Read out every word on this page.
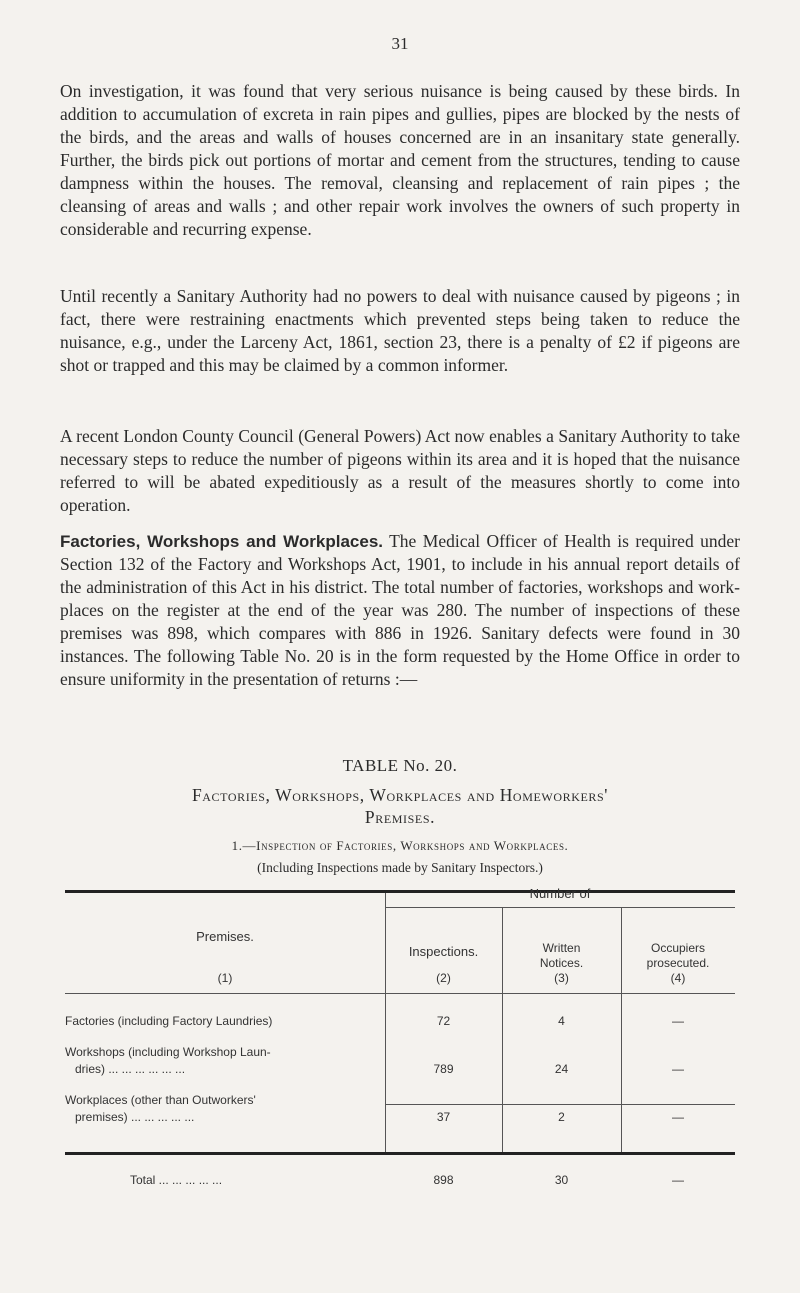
31

On investigation, it was found that very serious nuisance is being caused by these birds. In addition to accumulation of excreta in rain pipes and gullies, pipes are blocked by the nests of the birds, and the areas and walls of houses concerned are in an insanitary state generally. Further, the birds pick out portions of mortar and cement from the structures, tending to cause dampness within the houses. The removal, cleansing and replacement of rain pipes ; the cleansing of areas and walls ; and other repair work involves the owners of such property in considerable and recurring expense.

Until recently a Sanitary Authority had no powers to deal with nuisance caused by pigeons ; in fact, there were restraining enactments which prevented steps being taken to reduce the nuisance, e.g., under the Larceny Act, 1861, section 23, there is a penalty of £2 if pigeons are shot or trapped and this may be claimed by a common informer.

A recent London County Council (General Powers) Act now enables a Sanitary Authority to take necessary steps to reduce the number of pigeons within its area and it is hoped that the nuisance referred to will be abated expeditiously as a result of the measures shortly to come into operation.

Factories, Workshops and Workplaces. The Medical Officer of Health is required under Section 132 of the Factory and Workshops Act, 1901, to include in his annual report details of the administration of this Act in his district. The total number of factories, workshops and work-places on the register at the end of the year was 280. The number of inspections of these premises was 898, which compares with 886 in 1926. Sanitary defects were found in 30 instances. The following Table No. 20 is in the form requested by the Home Office in order to ensure uniformity in the presentation of returns :—

TABLE No. 20.
Factories, Workshops, Workplaces and Homeworkers'
Premises.
1.—Inspection of Factories, Workshops and Workplaces.
(Including Inspections made by Sanitary Inspectors.)
Number of
Premises.
(1)
Inspections.
(2)
Written
Notices.
(3)
Occupiers
prosecuted.
(4)
Factories (including Factory Laundries)	72	4	—
Workshops (including Workshop Laun-
dries) ... ... ... ... ... ...	789	24	—
Workplaces (other than Outworkers'
premises) ... ... ... ... ...	37	2	—
Total ... ... ... ... ...	898	30	—
